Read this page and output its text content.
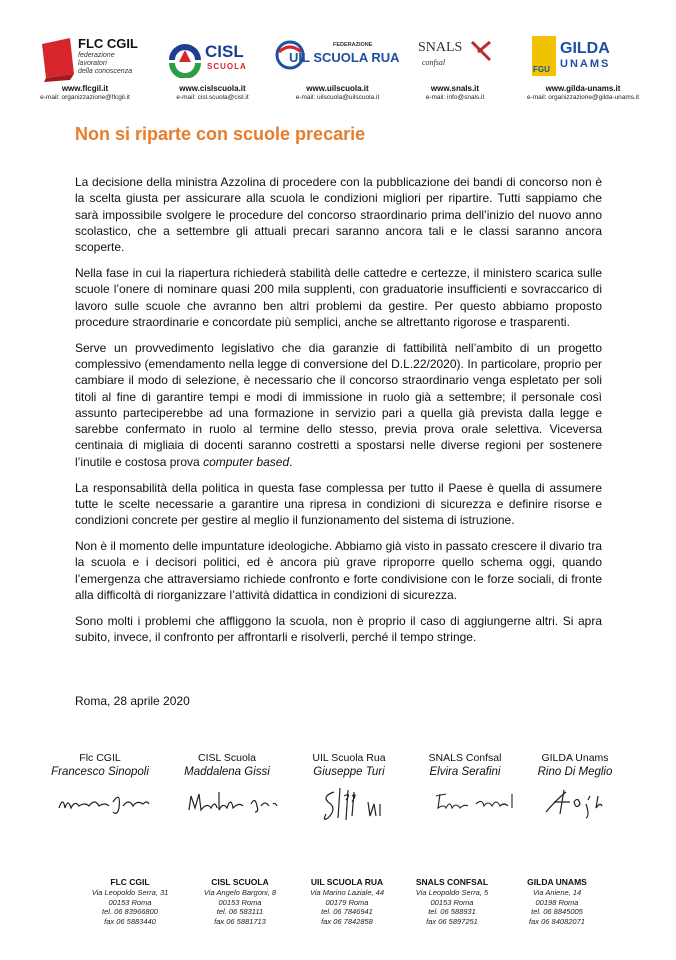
FLC CGIL
federazione
lavoratori
della conoscenza
CISL
SCUOLA
FEDERAZIONE
UIL SCUOLA RUA
SNALS
confsal
FGU
GILDA
UNAMS
www.flcgil.it
e-mail: organizzazione@flcgil.it
www.cislscuola.it
e-mail: cisl.scuola@cisl.it
www.uilscuola.it
e-mail: uilscuola@uilscuola.it
www.snals.it
e-mail: info@snals.it
www.gilda-unams.it
e-mail: organizzazione@gilda-unams.it
Non si riparte con scuole precarie

La decisione della ministra Azzolina di procedere con la pubblicazione dei bandi di concorso non è la scelta giusta per assicurare alla scuola le condizioni migliori per ripartire. Tutti sappiamo che sarà impossibile svolgere le procedure del concorso straordinario prima dell’inizio del nuovo anno scolastico, che a settembre gli attuali precari saranno ancora tali e le classi saranno ancora scoperte.

Nella fase in cui la riapertura richiederà stabilità delle cattedre e certezze, il ministero scarica sulle scuole l’onere di nominare quasi 200 mila supplenti, con graduatorie insufficienti e sovraccarico di lavoro sulle scuole che avranno ben altri problemi da gestire. Per questo abbiamo proposto procedure straordinarie e concordate più semplici, anche se altrettanto rigorose e trasparenti.

Serve un provvedimento legislativo che dia garanzie di fattibilità nell’ambito di un progetto complessivo (emendamento nella legge di conversione del D.L.22/2020). In particolare, proprio per cambiare il modo di selezione, è necessario che il concorso straordinario venga espletato per soli titoli al fine di garantire tempi e modi di immissione in ruolo già a settembre; il personale così assunto parteciperebbe ad una formazione in servizio pari a quella già prevista dalla legge e sarebbe confermato in ruolo al termine dello stesso, previa prova orale selettiva. Viceversa centinaia di migliaia di docenti saranno costretti a spostarsi nelle diverse regioni per sostenere l’inutile e costosa prova computer based.

La responsabilità della politica in questa fase complessa per tutto il Paese è quella di assumere tutte le scelte necessarie a garantire una ripresa in condizioni di sicurezza e definire risorse e condizioni concrete per gestire al meglio il funzionamento del sistema di istruzione.

Non è il momento delle impuntature ideologiche. Abbiamo già visto in passato crescere il divario tra la scuola e i decisori politici, ed è ancora più grave riproporre quello schema oggi, quando l’emergenza che attraversiamo richiede confronto e forte condivisione con le forze sociali, di fronte alla difficoltà di riorganizzare l’attività didattica in condizioni di sicurezza.

Sono molti i problemi che affliggono la scuola, non è proprio il caso di aggiungerne altri. Si apra subito, invece, il confronto per affrontarli e risolverli, perché il tempo stringe.

Roma, 28 aprile 2020
Flc CGIL
Francesco Sinopoli
CISL Scuola
Maddalena Gissi
UIL Scuola Rua
Giuseppe Turi
SNALS Confsal
Elvira Serafini
GILDA Unams
Rino Di Meglio
FLC CGIL
Via Leopoldo Serra, 31
00153 Roma
tel. 06 83966800
fax 06 5883440
CISL SCUOLA
Via Angelo Bargoni, 8
00153 Roma
tel. 06 583111
fax 06 5881713
UIL SCUOLA RUA
Via Marino Laziale, 44
00179 Roma
tel. 06 7846941
fax 06 7842858
SNALS CONFSAL
Via Leopoldo Serra, 5
00153 Roma
tel. 06 588931
fax 06 5897251
GILDA UNAMS
Via Aniene, 14
00198 Roma
tel. 06 8845005
fax 06 84082071
